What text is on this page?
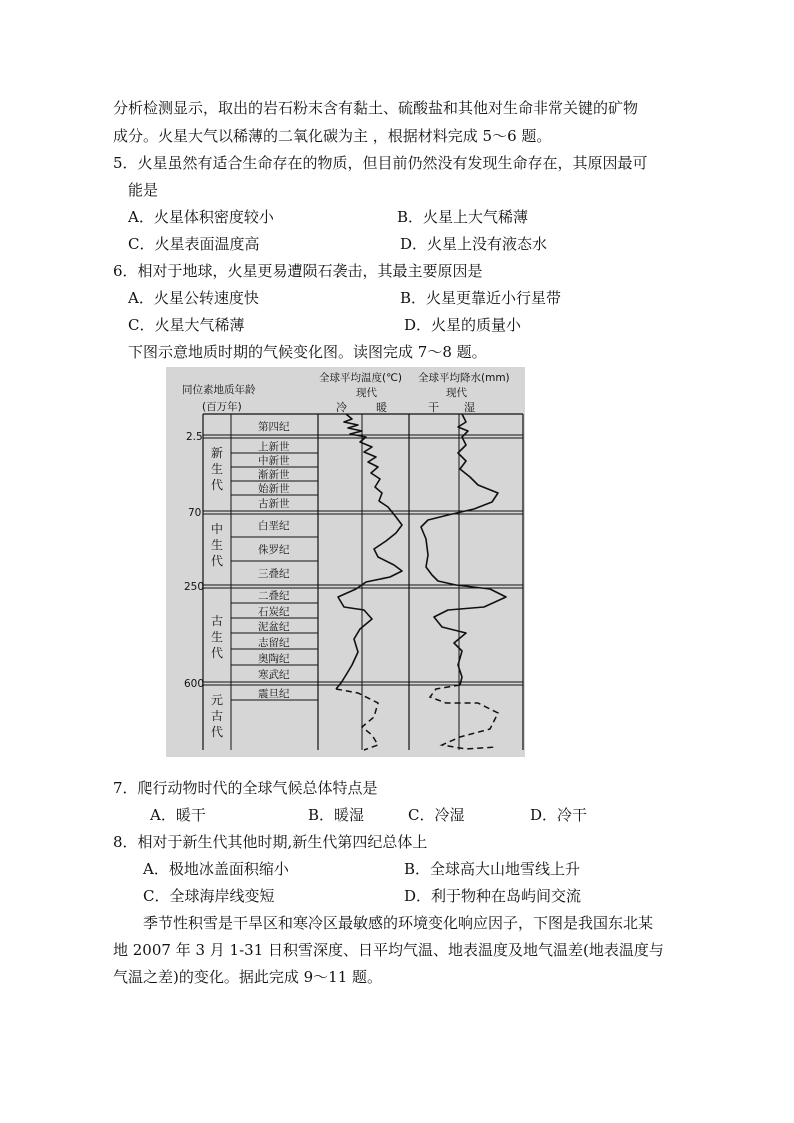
分析检测显示，取出的岩石粉末含有黏土、硫酸盐和其他对生命非常关键的矿物
成分。火星大气以稀薄的二氧化碳为主 ，根据材料完成 5～6 题。
5．火星虽然有适合生命存在的物质，但目前仍然没有发现生命存在，其原因最可
能是
A．火星体积密度较小	B．火星上大气稀薄
C．火星表面温度高	D．火星上没有液态水
6．相对于地球，火星更易遭陨石袭击，其最主要原因是
A．火星公转速度快	B．火星更靠近小行星带
C．火星大气稀薄	D．火星的质量小
下图示意地质时期的气候变化图。读图完成 7～8 题。
同位素地质年龄
(百万年)
全球平均温度(℃) 全球平均降水(mm)
现代	现代
冷	暖	干 湿
2.5
70
250
600
新
生
代
中
生
代
古
生
代
元
古
代
第四纪
上新世
中新世
渐新世
始新世
古新世
白垩纪
侏罗纪
三叠纪
二叠纪
石炭纪
泥盆纪
志留纪
奥陶纪
寒武纪
震旦纪
7．爬行动物时代的全球气候总体特点是
A．暖干	B．暖湿	C．冷湿	D．冷干
8．相对于新生代其他时期,新生代第四纪总体上
A．极地冰盖面积缩小	B．全球高大山地雪线上升
C．全球海岸线变短	D．利于物种在岛屿间交流
季节性积雪是干旱区和寒冷区最敏感的环境变化响应因子，下图是我国东北某
地 2007 年 3 月 1-31 日积雪深度、日平均气温、地表温度及地气温差(地表温度与
气温之差)的变化。据此完成 9～11 题。
